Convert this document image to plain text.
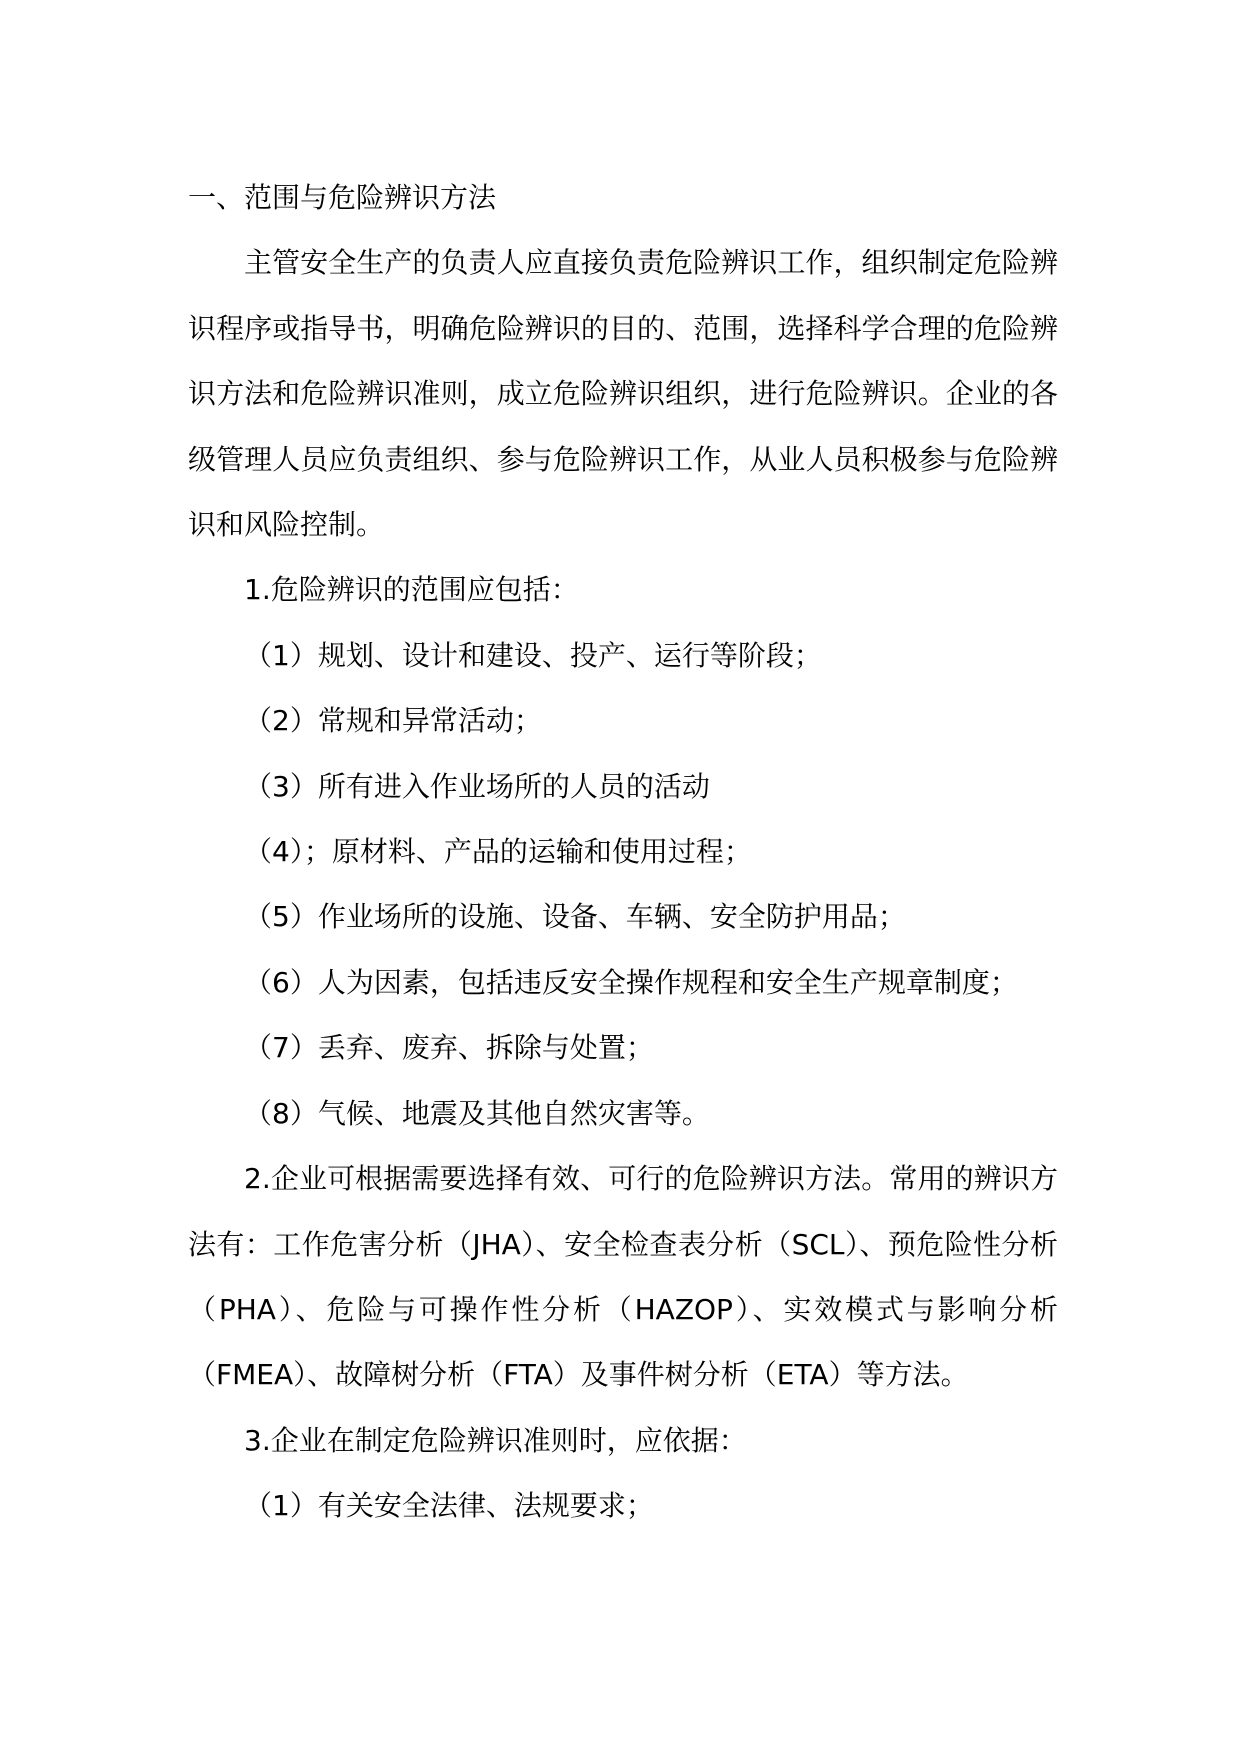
一、范围与危险辨识方法

主管安全生产的负责人应直接负责危险辨识工作，组织制定危险辨识程序或指导书，明确危险辨识的目的、范围，选择科学合理的危险辨识方法和危险辨识准则，成立危险辨识组织，进行危险辨识。企业的各级管理人员应负责组织、参与危险辨识工作，从业人员积极参与危险辨识和风险控制。

1.危险辨识的范围应包括：

（1）规划、设计和建设、投产、运行等阶段；

（2）常规和异常活动；

（3）所有进入作业场所的人员的活动

（4）；原材料、产品的运输和使用过程；

（5）作业场所的设施、设备、车辆、安全防护用品；

（6）人为因素，包括违反安全操作规程和安全生产规章制度；

（7）丢弃、废弃、拆除与处置；

（8）气候、地震及其他自然灾害等。

2.企业可根据需要选择有效、可行的危险辨识方法。常用的辨识方法有：工作危害分析（JHA）、安全检查表分析（SCL）、预危险性分析（PHA）、危险与可操作性分析（HAZOP）、实效模式与影响分析（FMEA）、故障树分析（FTA）及事件树分析（ETA）等方法。

3.企业在制定危险辨识准则时，应依据：

（1）有关安全法律、法规要求；
